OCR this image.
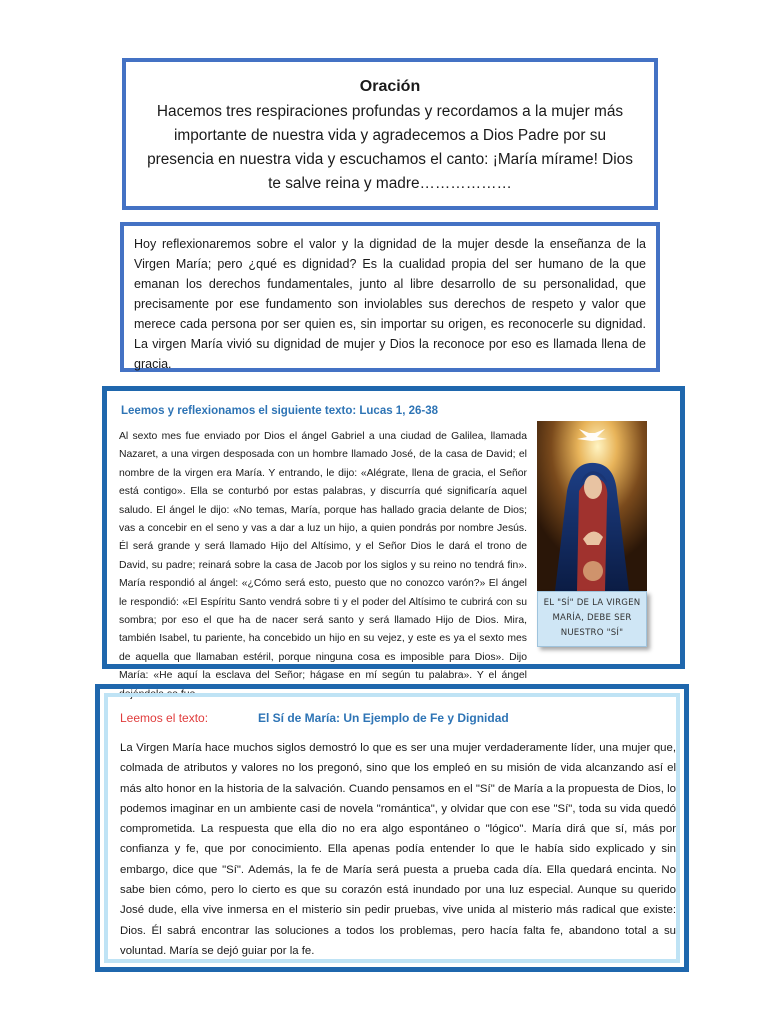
Oración

Hacemos tres respiraciones profundas y recordamos a la mujer más importante de nuestra vida y agradecemos a Dios Padre por su presencia en nuestra vida y escuchamos el canto: ¡María mírame! Dios te salve reina y madre………………

Hoy reflexionaremos sobre el valor y la dignidad de la mujer desde la enseñanza de la Virgen María; pero ¿qué es dignidad? Es la cualidad propia del ser humano de la que emanan los derechos fundamentales, junto al libre desarrollo de su personalidad, que precisamente por ese fundamento son inviolables sus derechos de respeto y valor que merece cada persona por ser quien es, sin importar su origen, es reconocerle su dignidad. La virgen María vivió su dignidad de mujer y Dios la reconoce por eso es llamada llena de gracia.

Leemos y reflexionamos el siguiente texto: Lucas 1, 26-38

Al sexto mes fue enviado por Dios el ángel Gabriel a una ciudad de Galilea, llamada Nazaret, a una virgen desposada con un hombre llamado José, de la casa de David; el nombre de la virgen era María. Y entrando, le dijo: «Alégrate, llena de gracia, el Señor está contigo». Ella se conturbó por estas palabras, y discurría qué significaría aquel saludo. El ángel le dijo: «No temas, María, porque has hallado gracia delante de Dios; vas a concebir en el seno y vas a dar a luz un hijo, a quien pondrás por nombre Jesús. Él será grande y será llamado Hijo del Altísimo, y el Señor Dios le dará el trono de David, su padre; reinará sobre la casa de Jacob por los siglos y su reino no tendrá fin». María respondió al ángel: «¿Cómo será esto, puesto que no conozco varón?» El ángel le respondió: «El Espíritu Santo vendrá sobre ti y el poder del Altísimo te cubrirá con su sombra; por eso el que ha de nacer será santo y será llamado Hijo de Dios. Mira, también Isabel, tu pariente, ha concebido un hijo en su vejez, y este es ya el sexto mes de aquella que llamaban estéril, porque ninguna cosa es imposible para Dios». Dijo María: «He aquí la esclava del Señor; hágase en mí según tu palabra». Y el ángel dejándola se fue.

EL "SÍ" DE LA VIRGEN
MARÍA, DEBE SER
NUESTRO "SÍ"
Leemos el texto:	El Sí de María: Un Ejemplo de Fe y Dignidad

La Virgen María hace muchos siglos demostró lo que es ser una mujer verdaderamente líder, una mujer que, colmada de atributos y valores no los pregonó, sino que los empleó en su misión de vida alcanzando así el más alto honor en la historia de la salvación. Cuando pensamos en el "Sí" de María a la propuesta de Dios, lo podemos imaginar en un ambiente casi de novela "romántica", y olvidar que con ese "Sí", toda su vida quedó comprometida. La respuesta que ella dio no era algo espontáneo o "lógico". María dirá que sí, más por confianza y fe, que por conocimiento. Ella apenas podía entender lo que le había sido explicado y sin embargo, dice que "Sí". Además, la fe de María será puesta a prueba cada día. Ella quedará encinta. No sabe bien cómo, pero lo cierto es que su corazón está inundado por una luz especial. Aunque su querido José dude, ella vive inmersa en el misterio sin pedir pruebas, vive unida al misterio más radical que existe: Dios. Él sabrá encontrar las soluciones a todos los problemas, pero hacía falta fe, abandono total a su voluntad. María se dejó guiar por la fe.
